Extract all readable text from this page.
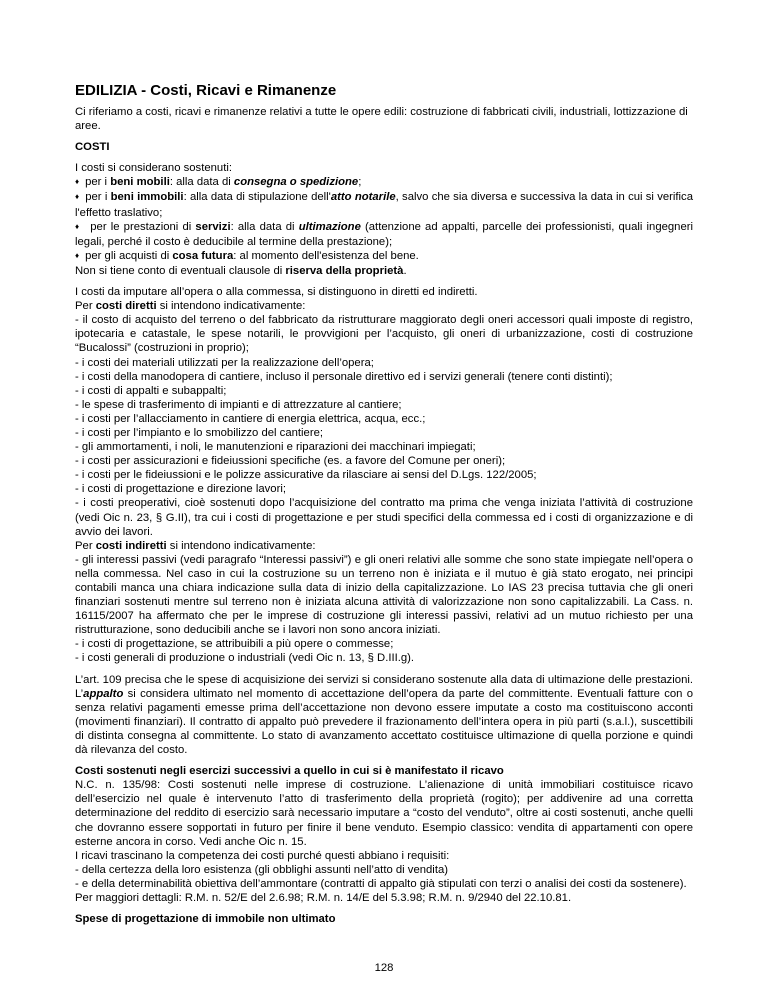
EDILIZIA - Costi, Ricavi e Rimanenze

Ci riferiamo a costi, ricavi e rimanenze relativi a tutte le opere edili: costruzione di fabbricati civili, industriali, lottizzazione di aree.

COSTI

I costi si considerano sostenuti:

♦ per i beni mobili: alla data di consegna o spedizione;

♦ per i beni immobili: alla data di stipulazione dell'atto notarile, salvo che sia diversa e successiva la data in cui si verifica l'effetto traslativo;

♦ per le prestazioni di servizi: alla data di ultimazione (attenzione ad appalti, parcelle dei professionisti, quali ingegneri legali, perché il costo è deducibile al termine della prestazione);

♦ per gli acquisti di cosa futura: al momento dell'esistenza del bene.

Non si tiene conto di eventuali clausole di riserva della proprietà.

I costi da imputare all’opera o alla commessa, si distinguono in diretti ed indiretti.

Per costi diretti si intendono indicativamente:

- il costo di acquisto del terreno o del fabbricato da ristrutturare maggiorato degli oneri accessori quali imposte di registro, ipotecaria e catastale, le spese notarili, le provvigioni per l’acquisto, gli oneri di urbanizzazione, costi di costruzione “Bucalossi” (costruzioni in proprio);

- i costi dei materiali utilizzati per la realizzazione dell’opera;

- i costi della manodopera di cantiere, incluso il personale direttivo ed i servizi generali (tenere conti distinti);

- i costi di appalti e subappalti;

- le spese di trasferimento di impianti e di attrezzature al cantiere;

- i costi per l’allacciamento in cantiere di energia elettrica, acqua, ecc.;

- i costi per l’impianto e lo smobilizzo del cantiere;

- gli ammortamenti, i noli, le manutenzioni e riparazioni dei macchinari impiegati;

- i costi per assicurazioni e fideiussioni specifiche (es. a favore del Comune per oneri);

- i costi per le fideiussioni e le polizze assicurative da rilasciare ai sensi del D.Lgs. 122/2005;

- i costi di progettazione e direzione lavori;

- i costi preoperativi, cioè sostenuti dopo l’acquisizione del contratto ma prima che venga iniziata l’attività di costruzione (vedi Oic n. 23, § G.II), tra cui i costi di progettazione e per studi specifici della commessa ed i costi di organizzazione e di avvio dei lavori.

Per costi indiretti si intendono indicativamente:

- gli interessi passivi (vedi paragrafo “Interessi passivi”) e gli oneri relativi alle somme che sono state impiegate nell’opera o nella commessa. Nel caso in cui la costruzione su un terreno non è iniziata e il mutuo è già stato erogato, nei principi contabili manca una chiara indicazione sulla data di inizio della capitalizzazione. Lo IAS 23 precisa tuttavia che gli oneri finanziari sostenuti mentre sul terreno non è iniziata alcuna attività di valorizzazione non sono capitalizzabili. La Cass. n. 16115/2007 ha affermato che per le imprese di costruzione gli interessi passivi, relativi ad un mutuo richiesto per una ristrutturazione, sono deducibili anche se i lavori non sono ancora iniziati.

- i costi di progettazione, se attribuibili a più opere o commesse;

- i costi generali di produzione o industriali (vedi Oic n. 13, § D.III.g).

L’art. 109 precisa che le spese di acquisizione dei servizi si considerano sostenute alla data di ultimazione delle prestazioni. L’appalto si considera ultimato nel momento di accettazione dell’opera da parte del committente. Eventuali fatture con o senza relativi pagamenti emesse prima dell’accettazione non devono essere imputate a costo ma costituiscono acconti (movimenti finanziari). Il contratto di appalto può prevedere il frazionamento dell’intera opera in più parti (s.a.l.), suscettibili di distinta consegna al committente. Lo stato di avanzamento accettato costituisce ultimazione di quella porzione e quindi dà rilevanza del costo.

Costi sostenuti negli esercizi successivi a quello in cui si è manifestato il ricavo

N.C. n. 135/98: Costi sostenuti nelle imprese di costruzione. L’alienazione di unità immobiliari costituisce ricavo dell’esercizio nel quale è intervenuto l’atto di trasferimento della proprietà (rogito); per addivenire ad una corretta determinazione del reddito di esercizio sarà necessario imputare a “costo del venduto”, oltre ai costi sostenuti, anche quelli che dovranno essere sopportati in futuro per finire il bene venduto. Esempio classico: vendita di appartamenti con opere esterne ancora in corso. Vedi anche Oic n. 15.

I ricavi trascinano la competenza dei costi purché questi abbiano i requisiti:

- della certezza della loro esistenza (gli obblighi assunti nell’atto di vendita)

- e della determinabilità obiettiva dell’ammontare (contratti di appalto già stipulati con terzi o analisi dei costi da sostenere).

Per maggiori dettagli: R.M. n. 52/E del 2.6.98; R.M. n. 14/E del 5.3.98; R.M. n. 9/2940 del 22.10.81.

Spese di progettazione di immobile non ultimato

128
